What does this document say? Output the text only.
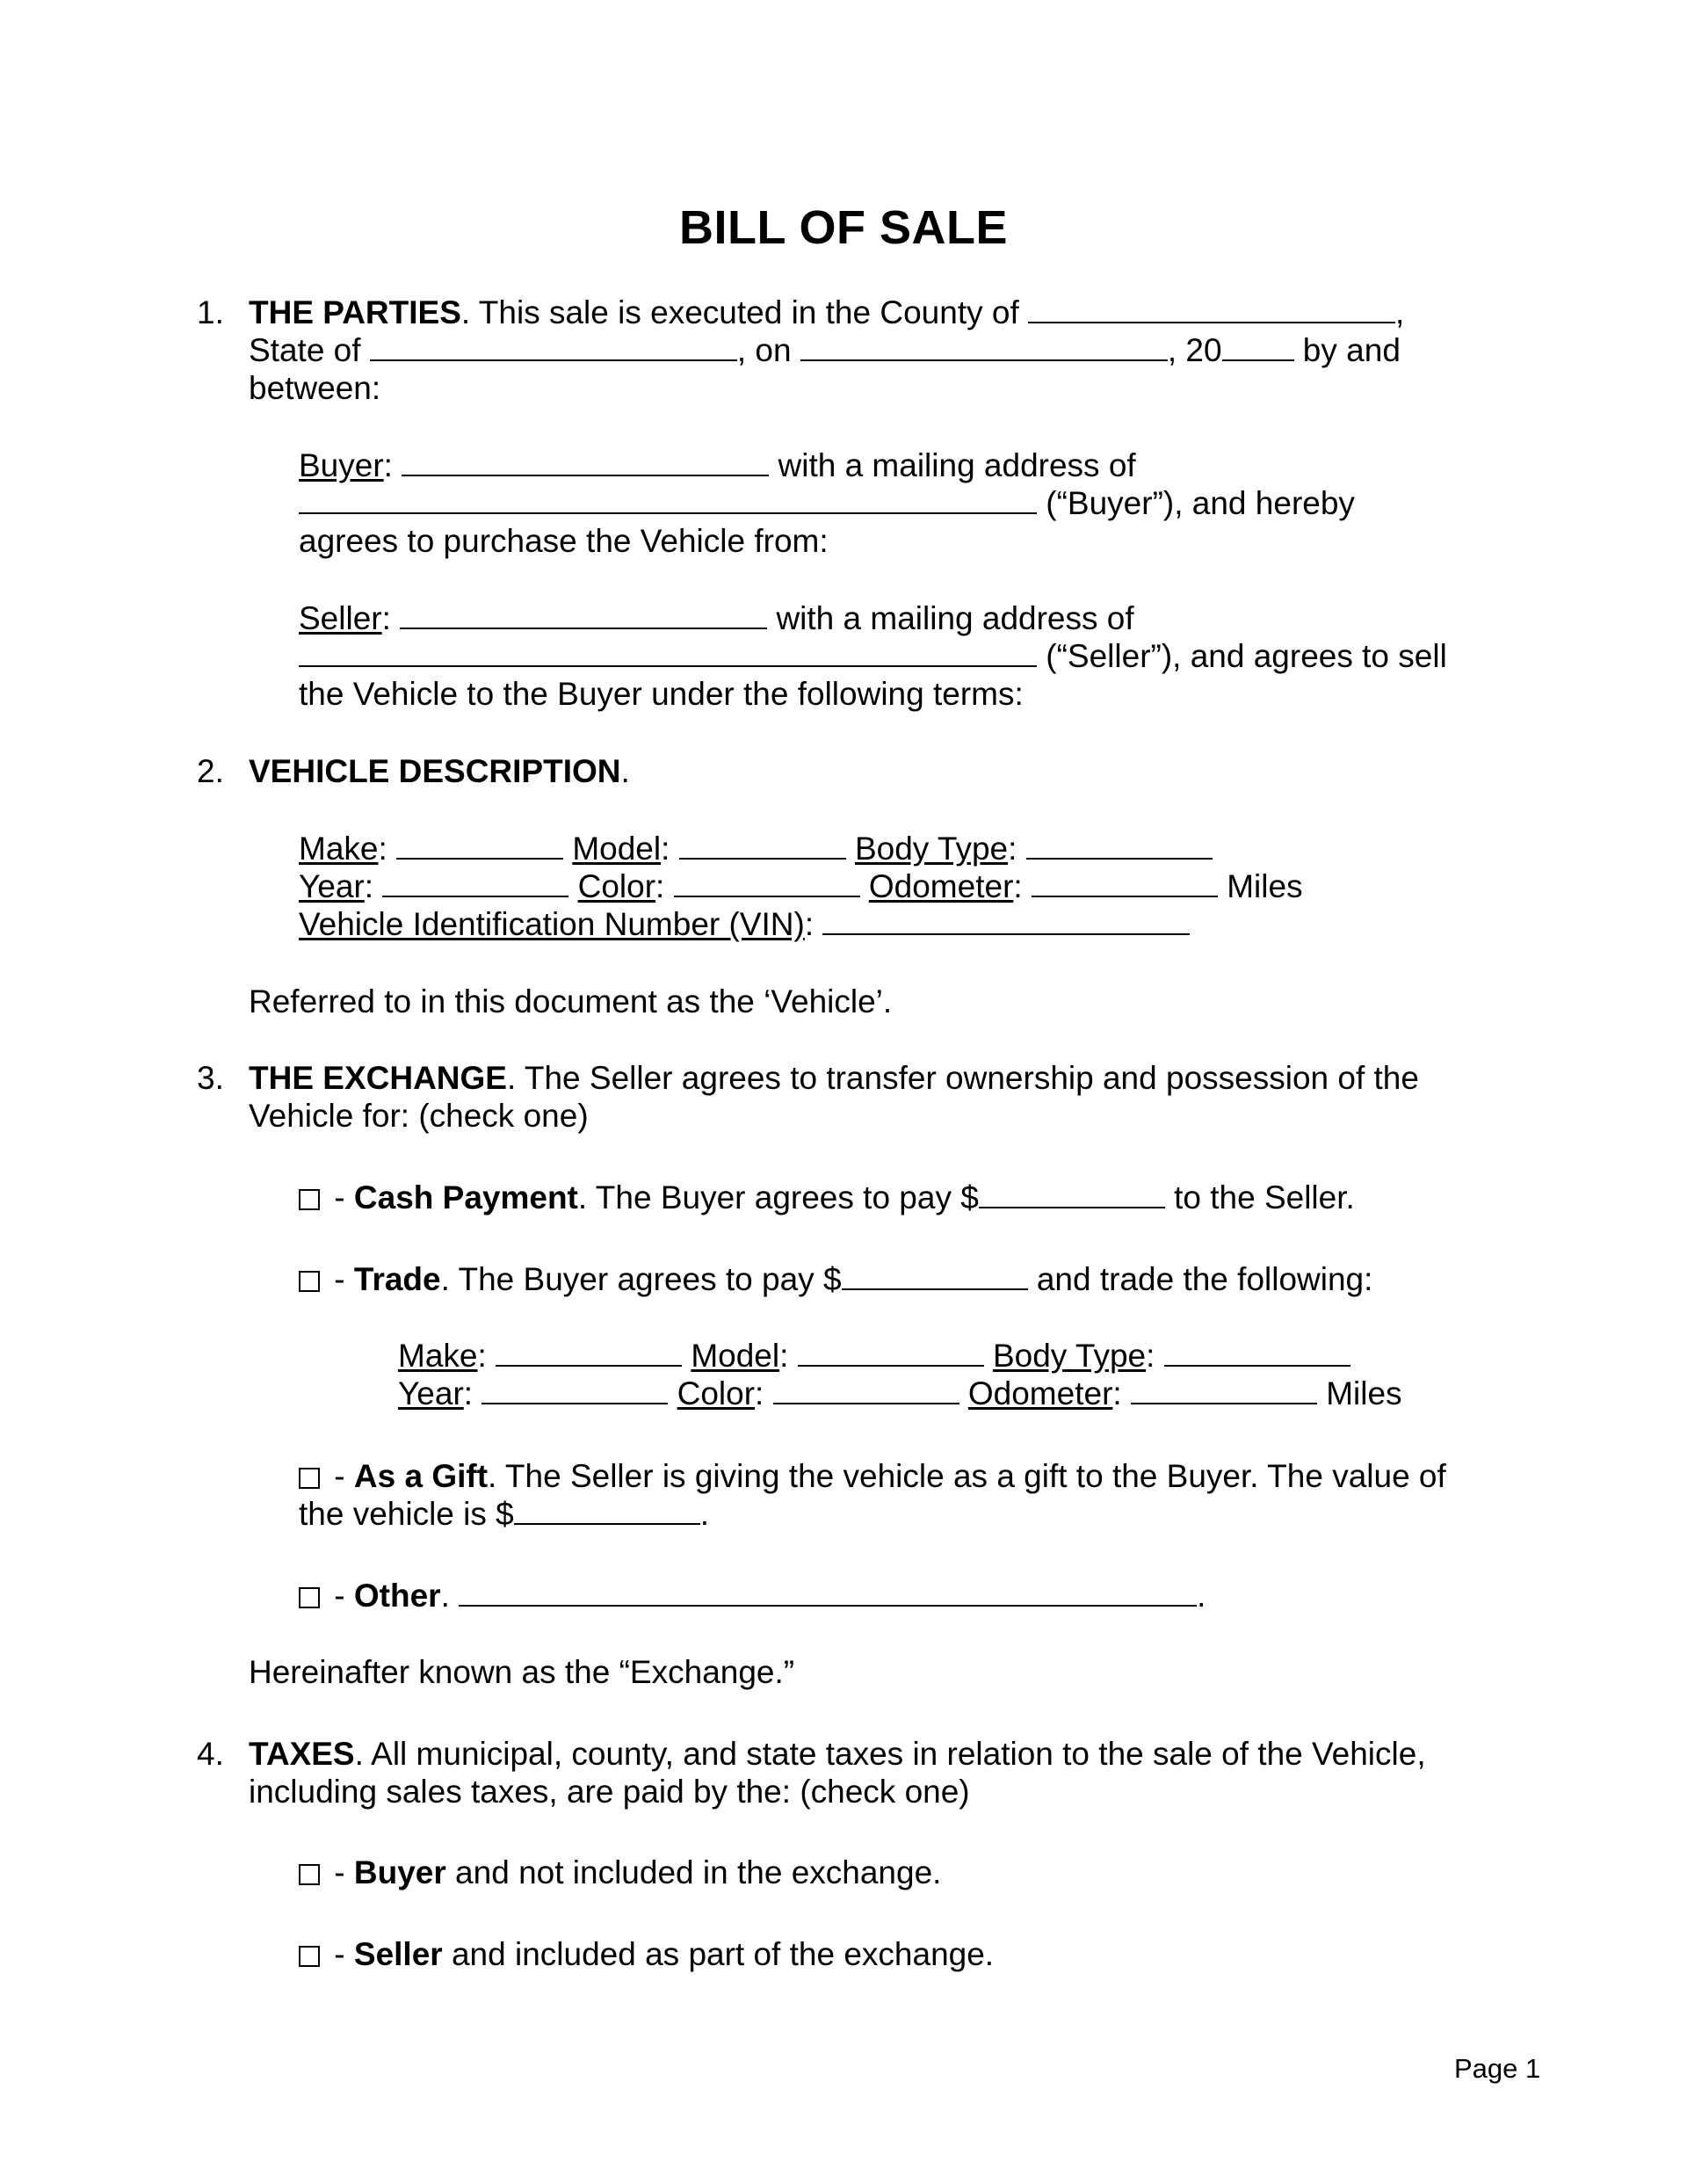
BILL OF SALE
1. THE PARTIES. This sale is executed in the County of	,
State of	, on	, 20 by and
between:
Buyer:	with a mailing address of
(“Buyer”), and hereby
agrees to purchase the Vehicle from:
Seller:	with a mailing address of
(“Seller”), and agrees to sell
the Vehicle to the Buyer under the following terms:
2. VEHICLE DESCRIPTION.
Make:	Model:	Body Type:
Year:	Color:	Odometer:	Miles
Vehicle Identification Number (VIN):
Referred to in this document as the ‘Vehicle’.
3. THE EXCHANGE. The Seller agrees to transfer ownership and possession of the
Vehicle for: (check one)
- Cash Payment. The Buyer agrees to pay $	to the Seller.
- Trade. The Buyer agrees to pay $	and trade the following:
Make:	Model:	Body Type:
Year:	Color:	Odometer:	Miles
- As a Gift. The Seller is giving the vehicle as a gift to the Buyer. The value of
the vehicle is $	.
- Other.	.
Hereinafter known as the “Exchange.”
4. TAXES. All municipal, county, and state taxes in relation to the sale of the Vehicle,
including sales taxes, are paid by the: (check one)
- Buyer and not included in the exchange.
- Seller and included as part of the exchange.
Page 1
